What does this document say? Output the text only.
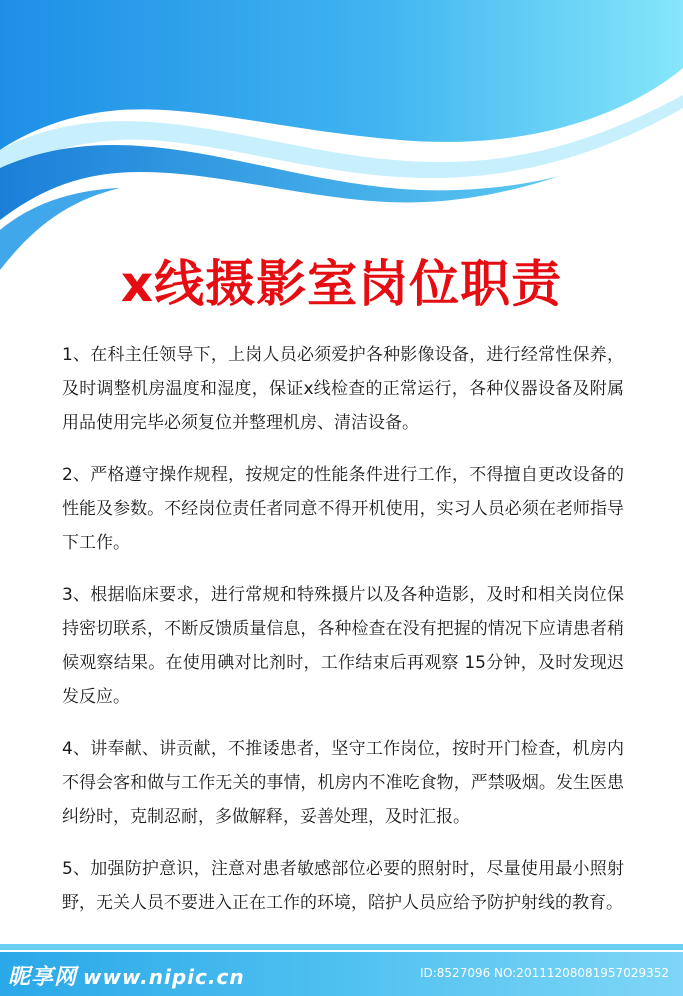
x线摄影室岗位职责

1、在科主任领导下，上岗人员必须爱护各种影像设备，进行经常性保养，及时调整机房温度和湿度，保证x线检查的正常运行，各种仪器设备及附属用品使用完毕必须复位并整理机房、清洁设备。

2、严格遵守操作规程，按规定的性能条件进行工作，不得擅自更改设备的性能及参数。不经岗位责任者同意不得开机使用，实习人员必须在老师指导下工作。

3、根据临床要求，进行常规和特殊摄片以及各种造影，及时和相关岗位保持密切联系，不断反馈质量信息，各种检查在没有把握的情况下应请患者稍候观察结果。在使用碘对比剂时，工作结束后再观察 15分钟，及时发现迟发反应。

4、讲奉献、讲贡献，不推诿患者，坚守工作岗位，按时开门检查，机房内不得会客和做与工作无关的事情，机房内不准吃食物，严禁吸烟。发生医患纠纷时，克制忍耐，多做解释，妥善处理，及时汇报。

5、加强防护意识，注意对患者敏感部位必要的照射时，尽量使用最小照射野，无关人员不要进入正在工作的环境，陪护人员应给予防护射线的教育。

昵享网 www.nipic.cn	ID:8527096 NO:20111208081957029352
